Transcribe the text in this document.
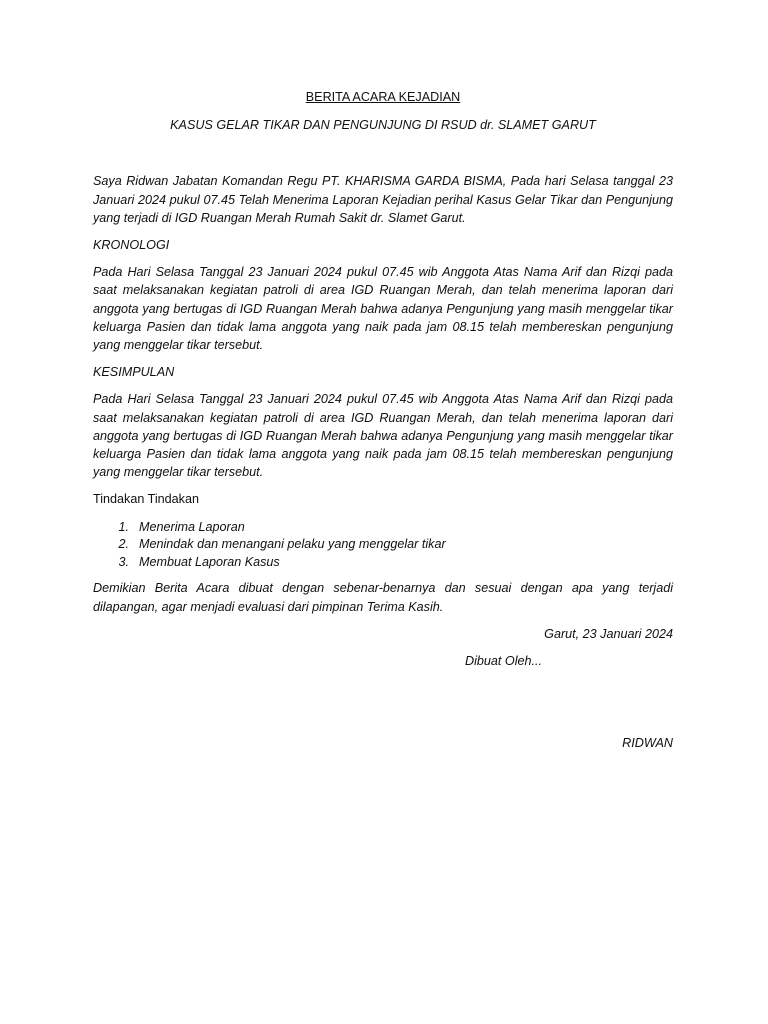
BERITA ACARA KEJADIAN

KASUS GELAR TIKAR DAN PENGUNJUNG DI RSUD dr. SLAMET GARUT

Saya Ridwan Jabatan Komandan Regu PT. KHARISMA GARDA BISMA, Pada hari Selasa tanggal 23 Januari 2024 pukul 07.45 Telah Menerima Laporan Kejadian perihal Kasus Gelar Tikar dan Pengunjung yang terjadi di IGD Ruangan Merah Rumah Sakit dr. Slamet Garut.

KRONOLOGI

Pada Hari Selasa Tanggal 23 Januari 2024 pukul 07.45 wib Anggota Atas Nama Arif dan Rizqi pada saat melaksanakan kegiatan patroli di area IGD Ruangan Merah, dan telah menerima laporan dari anggota yang bertugas di IGD Ruangan Merah bahwa adanya Pengunjung yang masih menggelar tikar keluarga Pasien dan tidak lama anggota yang naik pada jam 08.15 telah membereskan pengunjung yang menggelar tikar tersebut.

KESIMPULAN

Pada Hari Selasa Tanggal 23 Januari 2024 pukul 07.45 wib Anggota Atas Nama Arif dan Rizqi pada saat melaksanakan kegiatan patroli di area IGD Ruangan Merah, dan telah menerima laporan dari anggota yang bertugas di IGD Ruangan Merah bahwa adanya Pengunjung yang masih menggelar tikar keluarga Pasien dan tidak lama anggota yang naik pada jam 08.15 telah membereskan pengunjung yang menggelar tikar tersebut.

Tindakan Tindakan

1. Menerima Laporan
2. Menindak dan menangani pelaku yang menggelar tikar
3. Membuat Laporan Kasus

Demikian Berita Acara dibuat dengan sebenar-benarnya dan sesuai dengan apa yang terjadi dilapangan, agar menjadi evaluasi dari pimpinan Terima Kasih.

Garut, 23 Januari 2024

Dibuat Oleh...

RIDWAN
